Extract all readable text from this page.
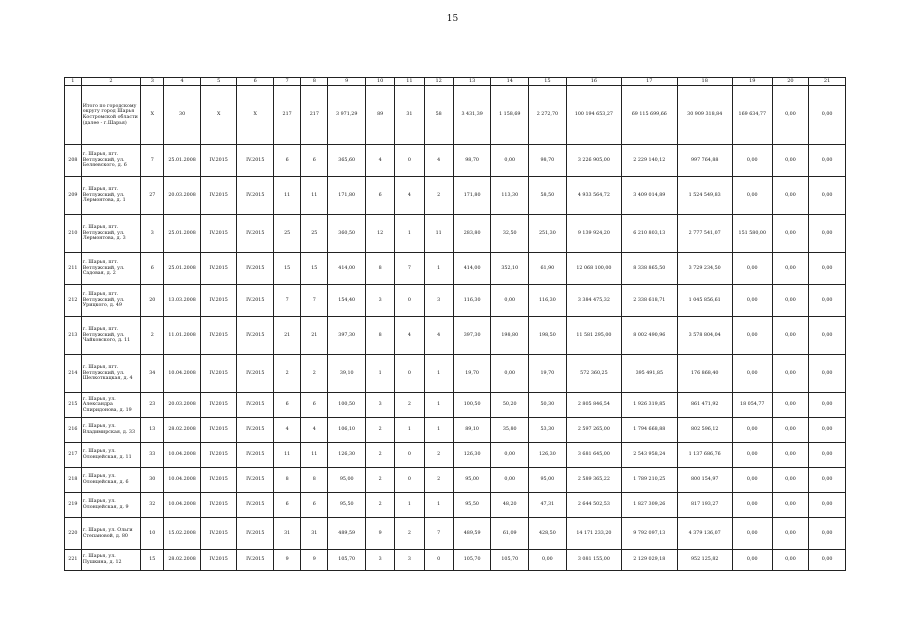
15
1	2	3	4	5	6	7	8	9	10	11	12	13	14	15	16	17	18	19	20	21
	Итого по городскому округу город Шарья Костромской области (далее - г.Шарья)	X	30	X	X	217	217	3 971,29	89	31	58	3 431,39	1 158,69	2 272,70	100 194 653,27	69 115 699,66	30 909 318,84	169 634,77	0,00	0,00
208	г. Шарья, пгт. Ветлужский, ул. Беляевского, д. 6	7	25.01.2008	IV.2015	IV.2015	6	6	365,60	4	0	4	98,70	0,00	98,70	3 226 905,00	2 229 140,12	997 764,88	0,00	0,00	0,00
209	г. Шарья, пгт. Ветлужский, ул. Лермонтова, д. 1	27	20.03.2008	IV.2015	IV.2015	11	11	171,80	6	4	2	171,80	113,30	58,50	4 933 564,72	3 409 014,89	1 524 549,83	0,00	0,00	0,00
210	г. Шарья, пгт. Ветлужский, ул. Лермонтова, д. 3	3	25.01.2008	IV.2015	IV.2015	25	25	360,50	12	1	11	283,80	32,50	251,30	9 139 924,20	6 210 803,13	2 777 541,07	151 580,00	0,00	0,00
211	г. Шарья, пгт. Ветлужский, ул. Садовая, д. 2	6	25.01.2008	IV.2015	IV.2015	15	15	414,00	8	7	1	414,00	352,10	61,90	12 068 100,00	8 338 865,50	3 729 234,50	0,00	0,00	0,00
212	г. Шарья, пгт. Ветлужский, ул. Урицкого, д. 49	20	13.03.2008	IV.2015	IV.2015	7	7	154,40	3	0	3	116,30	0,00	116,30	3 384 475,32	2 338 618,71	1 045 856,61	0,00	0,00	0,00
213	г. Шарья, пгт. Ветлужский, ул. Чайковского, д. 11	2	11.01.2008	IV.2015	IV.2015	21	21	397,30	8	4	4	397,30	198,80	198,50	11 581 295,00	8 002 490,96	3 578 804,04	0,00	0,00	0,00
214	г. Шарья, пгт. Ветлужский, ул. Шелкоткацкая, д. 4	34	10.04.2008	IV.2015	IV.2015	2	2	39,10	1	0	1	19,70	0,00	19,70	572 360,25	395 491,85	176 868,40	0,00	0,00	0,00
215	г. Шарья, ул. Александра Спиридонова, д. 19	23	20.03.2008	IV.2015	IV.2015	6	6	100,50	3	2	1	100,50	50,20	50,30	2 805 846,54	1 926 319,85	861 471,92	18 054,77	0,00	0,00
216	г. Шарья, ул. Владимирская, д. 33	13	28.02.2008	IV.2015	IV.2015	4	4	106,10	2	1	1	89,10	35,80	53,30	2 597 265,00	1 794 668,88	802 596,12	0,00	0,00	0,00
217	г. Шарья, ул. Олонцейская, д. 11	33	10.04.2008	IV.2015	IV.2015	11	11	126,30	2	0	2	126,30	0,00	126,30	3 681 645,00	2 543 958,24	1 137 686,76	0,00	0,00	0,00
218	г. Шарья, ул. Олонцейская, д. 6	30	10.04.2008	IV.2015	IV.2015	8	8	95,00	2	0	2	95,00	0,00	95,00	2 589 365,22	1 789 210,25	800 154,97	0,00	0,00	0,00
219	г. Шарья, ул. Олонцейская, д. 9	32	10.04.2008	IV.2015	IV.2015	6	6	95,50	2	1	1	95,50	48,20	47,31	2 644 502,53	1 827 309,26	817 193,27	0,00	0,00	0,00
220	г. Шарья, ул. Ольги Степановой, д. 80	10	15.02.2008	IV.2015	IV.2015	31	31	489,59	9	2	7	489,59	61,09	428,50	14 171 233,20	9 792 097,13	4 379 136,07	0,00	0,00	0,00
221	г. Шарья, ул. Пушкина, д. 12	15	28.02.2008	IV.2015	IV.2015	9	9	105,70	3	3	0	105,70	105,70	0,00	3 081 155,00	2 129 029,18	952 125,82	0,00	0,00	0,00
